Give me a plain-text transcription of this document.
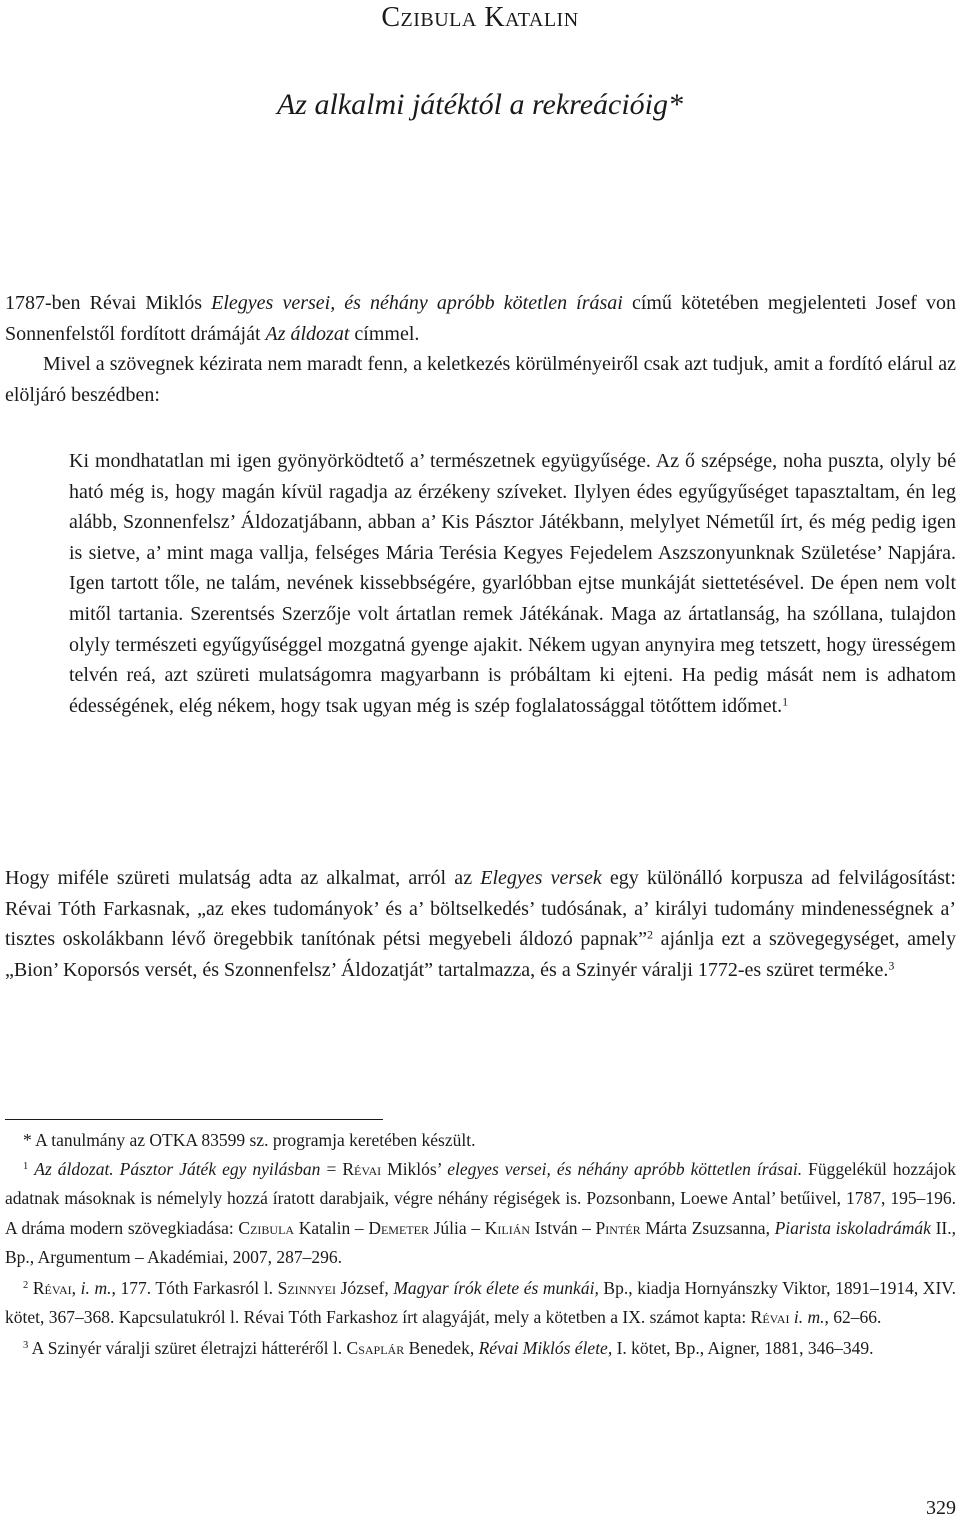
Czibula Katalin
Az alkalmi játéktól a rekreációig*

1787-ben Révai Miklós Elegyes versei, és néhány apróbb kötetlen írásai című kötetében megjelenteti Josef von Sonnenfelstől fordított drámáját Az áldozat címmel.
Mivel a szövegnek kézirata nem maradt fenn, a keletkezés körülményeiről csak azt tudjuk, amit a fordító elárul az elöljáró beszédben:

Ki mondhatatlan mi igen gyönyörködtető a’ természetnek együgyűsége. Az ő szépsége, noha puszta, olyly bé ható még is, hogy magán kívül ragadja az érzékeny szíveket. Ilylyen édes egyűgyűséget tapasztaltam, én leg alább, Szonnenfelsz’ Áldozatjábann, abban a’ Kis Pásztor Játékbann, melylyet Németűl írt, és még pedig igen is sietve, a’ mint maga vallja, felséges Mária Terésia Kegyes Fejedelem Aszszonyunknak Születése’ Napjára. Igen tartott tőle, ne talám, nevének kissebbségére, gyarlóbban ejtse munkáját siettetésével. De épen nem volt mitől tartania. Szerentsés Szerzője volt ártatlan remek Játékának. Maga az ártatlanság, ha szóllana, tulajdon olyly természeti egyűgyűséggel mozgatná gyenge ajakit. Nékem ugyan anynyira meg tetszett, hogy ürességem telvén reá, azt szüreti mulatságomra magyarbann is próbáltam ki ejteni. Ha pedig mását nem is adhatom édességének, elég nékem, hogy tsak ugyan még is szép foglalatossággal tötőttem időmet.$^1$

Hogy miféle szüreti mulatság adta az alkalmat, arról az Elegyes versek egy különálló korpusza ad felvilágosítást: Révai Tóth Farkasnak, „az ekes tudományok’ és a’ böltselkedés’ tudósának, a’ királyi tudomány mindenességnek a’ tisztes oskolákbann lévő öregebbik tanítónak pétsi megyebeli áldozó papnak”$^2$ ajánlja ezt a szövegegységet, amely „Bion’ Koporsós versét, és Szonnenfelsz’ Áldozatját” tartalmazza, és a Szinyér váralji 1772-es szüret terméke.$^3$

* A tanulmány az OTKA 83599 sz. programja keretében készült.

$^1$ Az áldozat. Pásztor Játék egy nyilásban = Révai Miklós’ elegyes versei, és néhány apróbb köttetlen írásai. Függelékül hozzájok adatnak másoknak is némelyly hozzá íratott darabjaik, végre néhány régiségek is. Pozsonbann, Loewe Antal’ betűivel, 1787, 195–196. A dráma modern szövegkiadása: Czibula Katalin – Demeter Júlia – Kilián István – Pintér Márta Zsuzsanna, Piarista iskoladrámák II., Bp., Argumentum – Akadémiai, 2007, 287–296.

$^2$ Révai, i. m., 177. Tóth Farkasról l. Szinnyei József, Magyar írók élete és munkái, Bp., kiadja Hornyánszky Viktor, 1891–1914, XIV. kötet, 367–368. Kapcsulatukról l. Révai Tóth Farkashoz írt alagyáját, mely a kötetben a IX. számot kapta: Révai i. m., 62–66.

$^3$ A Szinyér váralji szüret életrajzi hátteréről l. Csaplár Benedek, Révai Miklós élete, I. kötet, Bp., Aigner, 1881, 346–349.

329
